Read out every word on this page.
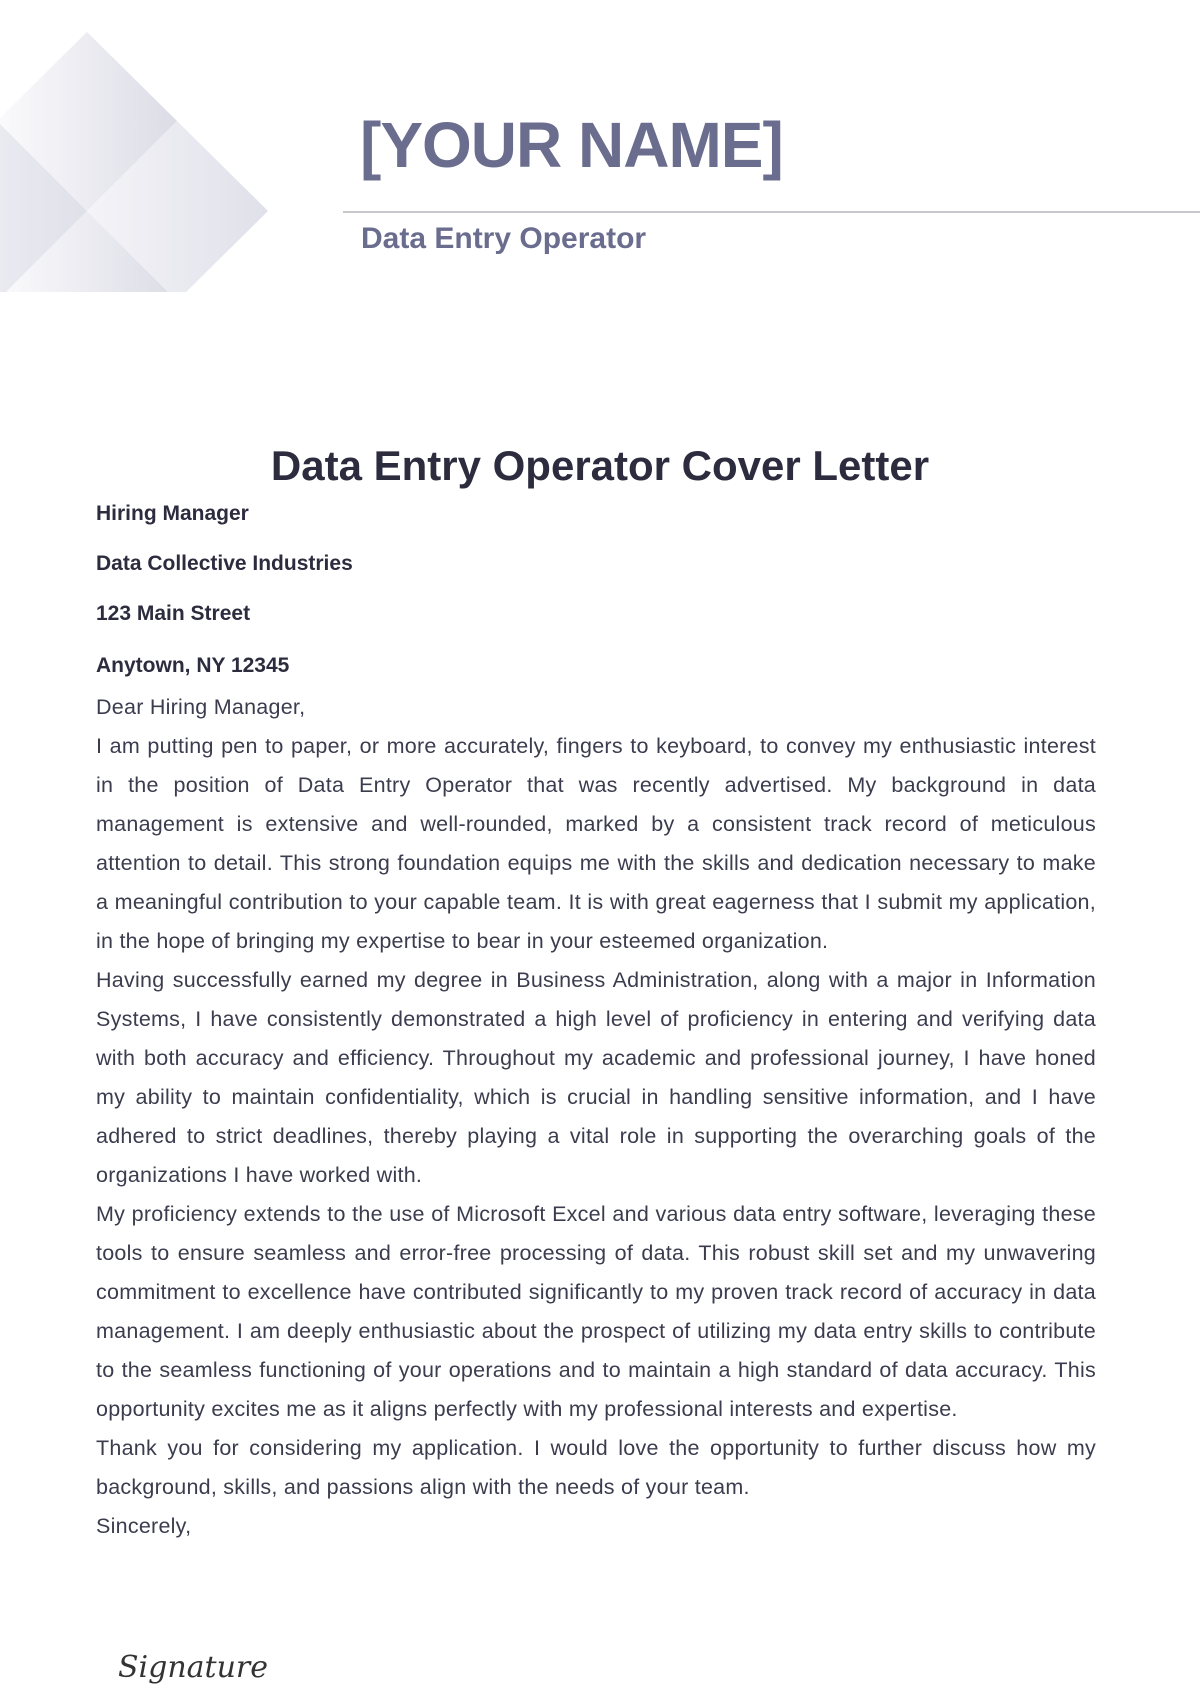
[YOUR NAME]
Data Entry Operator
Data Entry Operator Cover Letter
Hiring Manager
Data Collective Industries
123 Main Street
Anytown, NY 12345

Dear Hiring Manager,

I am putting pen to paper, or more accurately, fingers to keyboard, to convey my enthusiastic interest in the position of Data Entry Operator that was recently advertised. My background in data management is extensive and well-rounded, marked by a consistent track record of meticulous attention to detail. This strong foundation equips me with the skills and dedication necessary to make a meaningful contribution to your capable team. It is with great eagerness that I submit my application, in the hope of bringing my expertise to bear in your esteemed organization.

Having successfully earned my degree in Business Administration, along with a major in Information Systems, I have consistently demonstrated a high level of proficiency in entering and verifying data with both accuracy and efficiency. Throughout my academic and professional journey, I have honed my ability to maintain confidentiality, which is crucial in handling sensitive information, and I have adhered to strict deadlines, thereby playing a vital role in supporting the overarching goals of the organizations I have worked with.

My proficiency extends to the use of Microsoft Excel and various data entry software, leveraging these tools to ensure seamless and error-free processing of data. This robust skill set and my unwavering commitment to excellence have contributed significantly to my proven track record of accuracy in data management. I am deeply enthusiastic about the prospect of utilizing my data entry skills to contribute to the seamless functioning of your operations and to maintain a high standard of data accuracy. This opportunity excites me as it aligns perfectly with my professional interests and expertise.

Thank you for considering my application. I would love the opportunity to further discuss how my background, skills, and passions align with the needs of your team.

Sincerely,

Signature
